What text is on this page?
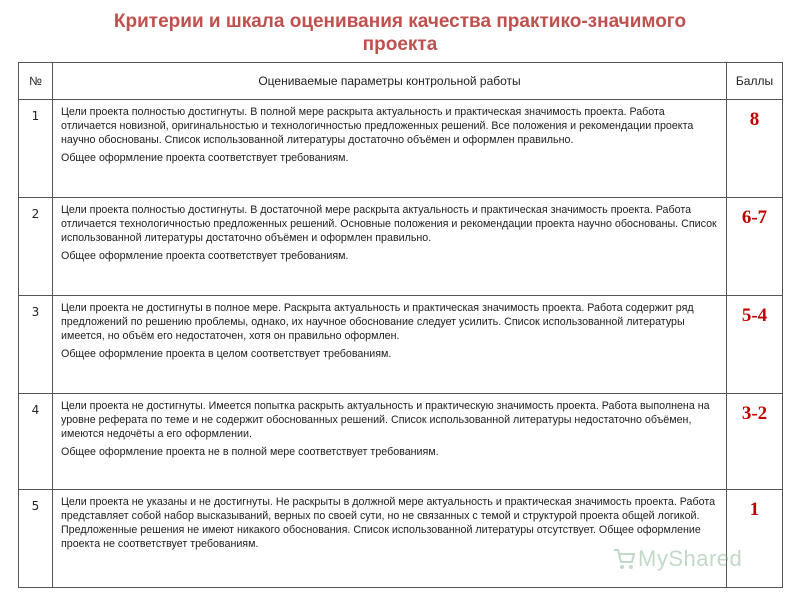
Критерии и шкала оценивания качества практико-значимого
проекта
№	Оцениваемые параметры контрольной работы	Баллы
1	Цели проекта полностью достигнуты. В полной мере раскрыта актуальность и практическая значимость проекта. Работа отличается новизной, оригинальностью и технологичностью предложенных решений. Все положения и рекомендации проекта научно обоснованы. Список использованной литературы достаточно объёмен и оформлен правильно.

Общее оформление проекта соответствует требованиям.	8
2	Цели проекта полностью достигнуты. В достаточной мере раскрыта актуальность и практическая значимость проекта. Работа отличается технологичностью предложенных решений. Основные положения и рекомендации проекта научно обоснованы. Список использованной литературы достаточно объёмен и оформлен правильно.

Общее оформление проекта соответствует требованиям.	6-7
3	Цели проекта не достигнуты в полное мере. Раскрыта актуальность и практическая значимость проекта. Работа содержит ряд предложений по решению проблемы, однако, их научное обоснование следует усилить. Список использованной литературы имеется, но объём его недостаточен, хотя он правильно оформлен.

Общее оформление проекта в целом соответствует требованиям.	5-4
4	Цели проекта не достигнуты. Имеется попытка раскрыть актуальность и практическую значимость проекта. Работа выполнена на уровне реферата по теме и не содержит обоснованных решений. Список использованной литературы недостаточно объёмен, имеются недочёты а его оформлении.

Общее оформление проекта не в полной мере соответствует требованиям.	3-2
5	Цели проекта не указаны и не достигнуты. Не раскрыты в должной мере актуальность и практическая значимость проекта. Работа представляет собой набор высказываний, верных по своей сути, но не связанных с темой и структурой проекта общей логикой. Предложенные решения не имеют никакого обоснования. Список использованной литературы отсутствует. Общее оформление проекта не соответствует требованиям.	1
MyShared
